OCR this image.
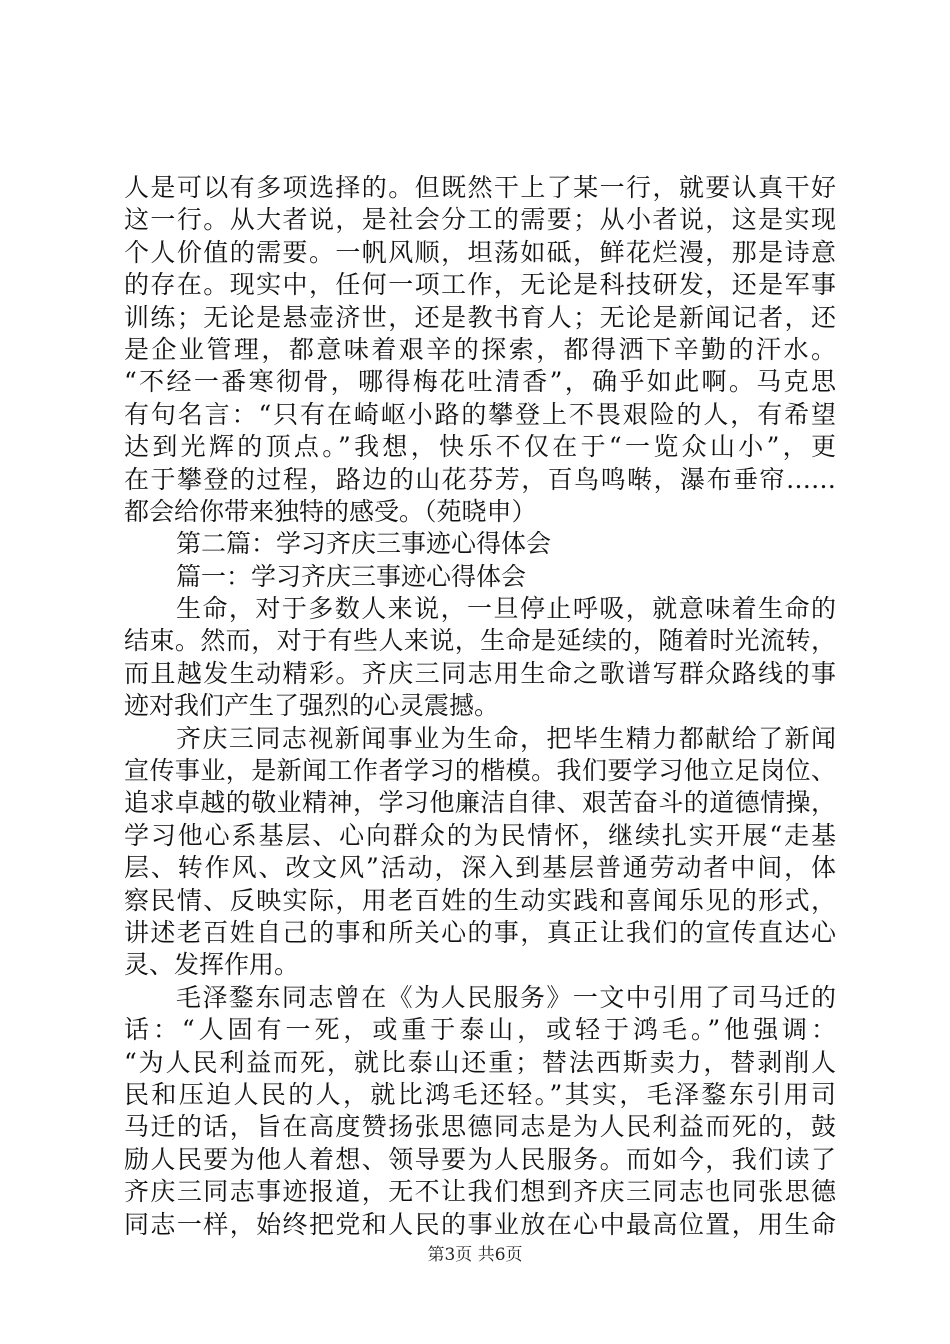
人是可以有多项选择的。但既然干上了某一行，就要认真干好
这一行。从大者说，是社会分工的需要；从小者说，这是实现
个人价值的需要。一帆风顺，坦荡如砥，鲜花烂漫，那是诗意
的存在。现实中，任何一项工作，无论是科技研发，还是军事
训练；无论是悬壶济世，还是教书育人；无论是新闻记者，还
是企业管理，都意味着艰辛的探索，都得洒下辛勤的汗水。
“不经一番寒彻骨，哪得梅花吐清香”，确乎如此啊。马克思
有句名言：“只有在崎岖小路的攀登上不畏艰险的人，有希望
达到光辉的顶点。”我想，快乐不仅在于“一览众山小”，更
在于攀登的过程，路边的山花芬芳，百鸟鸣啭，瀑布垂帘……
都会给你带来独特的感受。（苑晓申）
第二篇：学习齐庆三事迹心得体会
篇一：学习齐庆三事迹心得体会
生命，对于多数人来说，一旦停止呼吸，就意味着生命的
结束。然而，对于有些人来说，生命是延续的，随着时光流转，
而且越发生动精彩。齐庆三同志用生命之歌谱写群众路线的事
迹对我们产生了强烈的心灵震撼。
齐庆三同志视新闻事业为生命，把毕生精力都献给了新闻
宣传事业，是新闻工作者学习的楷模。我们要学习他立足岗位、
追求卓越的敬业精神，学习他廉洁自律、艰苦奋斗的道德情操，
学习他心系基层、心向群众的为民情怀，继续扎实开展“走基
层、转作风、改文风”活动，深入到基层普通劳动者中间，体
察民情、反映实际，用老百姓的生动实践和喜闻乐见的形式，
讲述老百姓自己的事和所关心的事，真正让我们的宣传直达心
灵、发挥作用。
毛泽鍪东同志曾在《为人民服务》一文中引用了司马迁的
话：“人固有一死，或重于泰山，或轻于鸿毛。”他强调：
“为人民利益而死，就比泰山还重；替法西斯卖力，替剥削人
民和压迫人民的人，就比鸿毛还轻。”其实，毛泽鍪东引用司
马迁的话，旨在高度赞扬张思德同志是为人民利益而死的，鼓
励人民要为他人着想、领导要为人民服务。而如今，我们读了
齐庆三同志事迹报道，无不让我们想到齐庆三同志也同张思德
同志一样，始终把党和人民的事业放在心中最高位置，用生命
第3页 共6页
